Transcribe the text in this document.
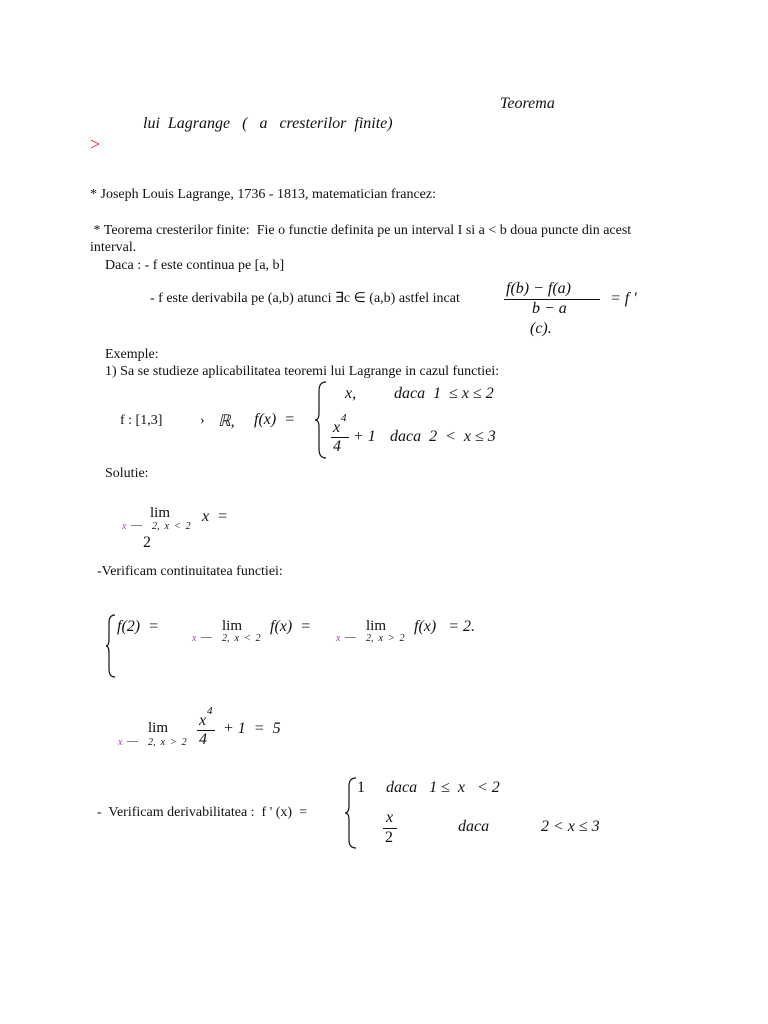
Teorema
lui  Lagrange   (   a   cresterilor  finite)
>
* Joseph Louis Lagrange, 1736 - 1813, matematician francez:
* Teorema cresterilor finite:  Fie o functie definita pe un interval I si a < b doua puncte din acest
interval.
Daca : - f este continua pe [a, b]
- f este derivabila pe (a,b) atunci ∃c ∈ (a,b) astfel incat
f(b) − f(a)
b − a
= f '
(c).
Exemple:
1) Sa se studieze aplicabilitatea teoremi lui Lagrange in cazul functiei:
f : [1,3]	› ℝ, f(x)  =
x, daca  1  ≤ x ≤ 2
x
4
4
+ 1 daca  2  <  x ≤ 3
Solutie:
lim
x — 2,  x  <  2
x  =
2
-Verificam continuitatea functiei:
f(2)  =	lim
x — 2,  x  <  2
f(x)  =	lim
x — 2,  x  >  2
f(x)   = 2.
lim
x — 2,  x  >  2
x
4
4
+ 1  =  5
-  Verificam derivabilitatea :  f ' (x)  =
1 daca   1 ≤  x   < 2
x
2
daca	2 < x ≤ 3
